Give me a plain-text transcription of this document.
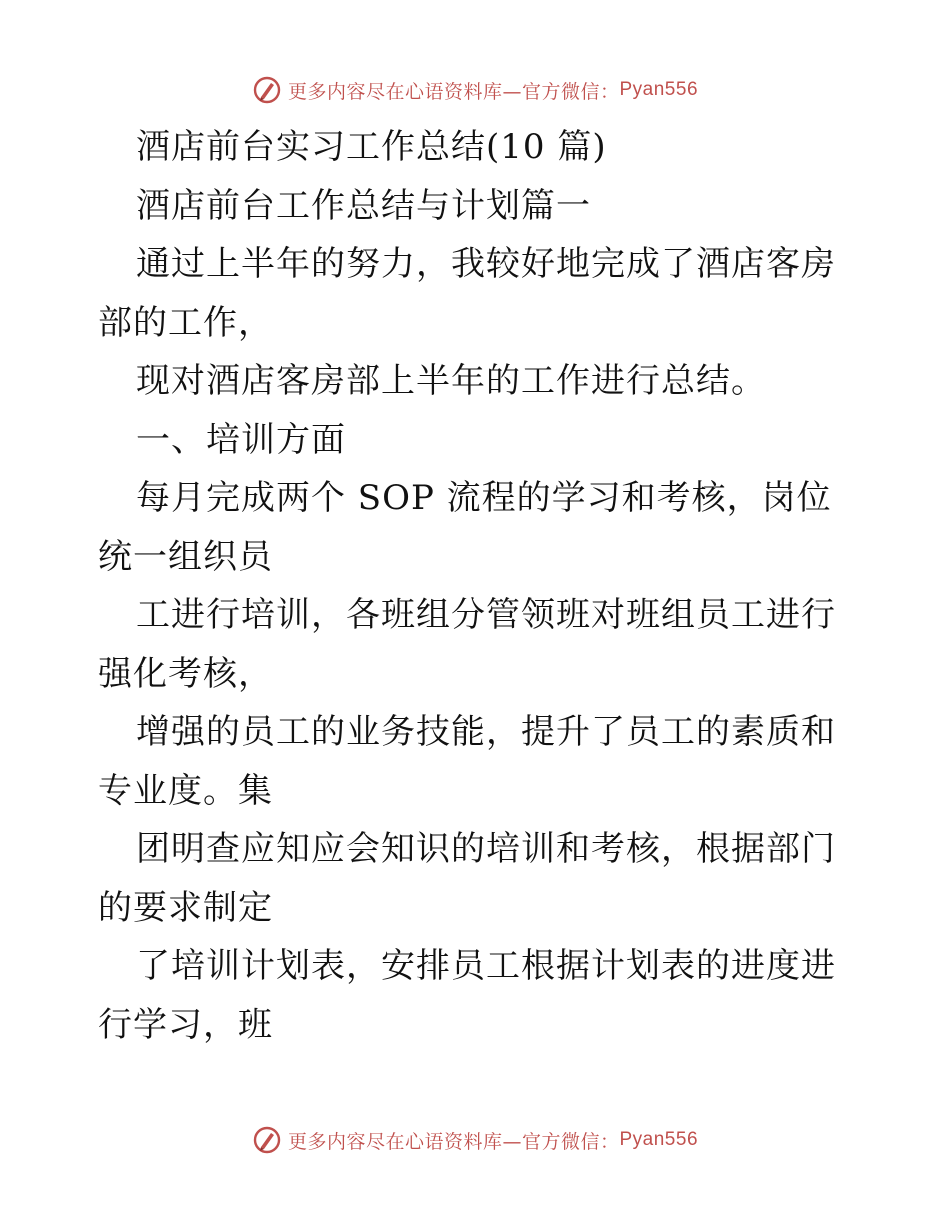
更多内容尽在心语资料库—官方微信： Pyan556

酒店前台实习工作总结(10 篇)

酒店前台工作总结与计划篇一

通过上半年的努力，我较好地完成了酒店客房部的工作，

现对酒店客房部上半年的工作进行总结。

一、培训方面

每月完成两个 SOP 流程的学习和考核，岗位统一组织员

工进行培训，各班组分管领班对班组员工进行强化考核，

增强的员工的业务技能，提升了员工的素质和专业度。集

团明查应知应会知识的培训和考核，根据部门的要求制定

了培训计划表，安排员工根据计划表的进度进行学习，班

更多内容尽在心语资料库—官方微信： Pyan556
